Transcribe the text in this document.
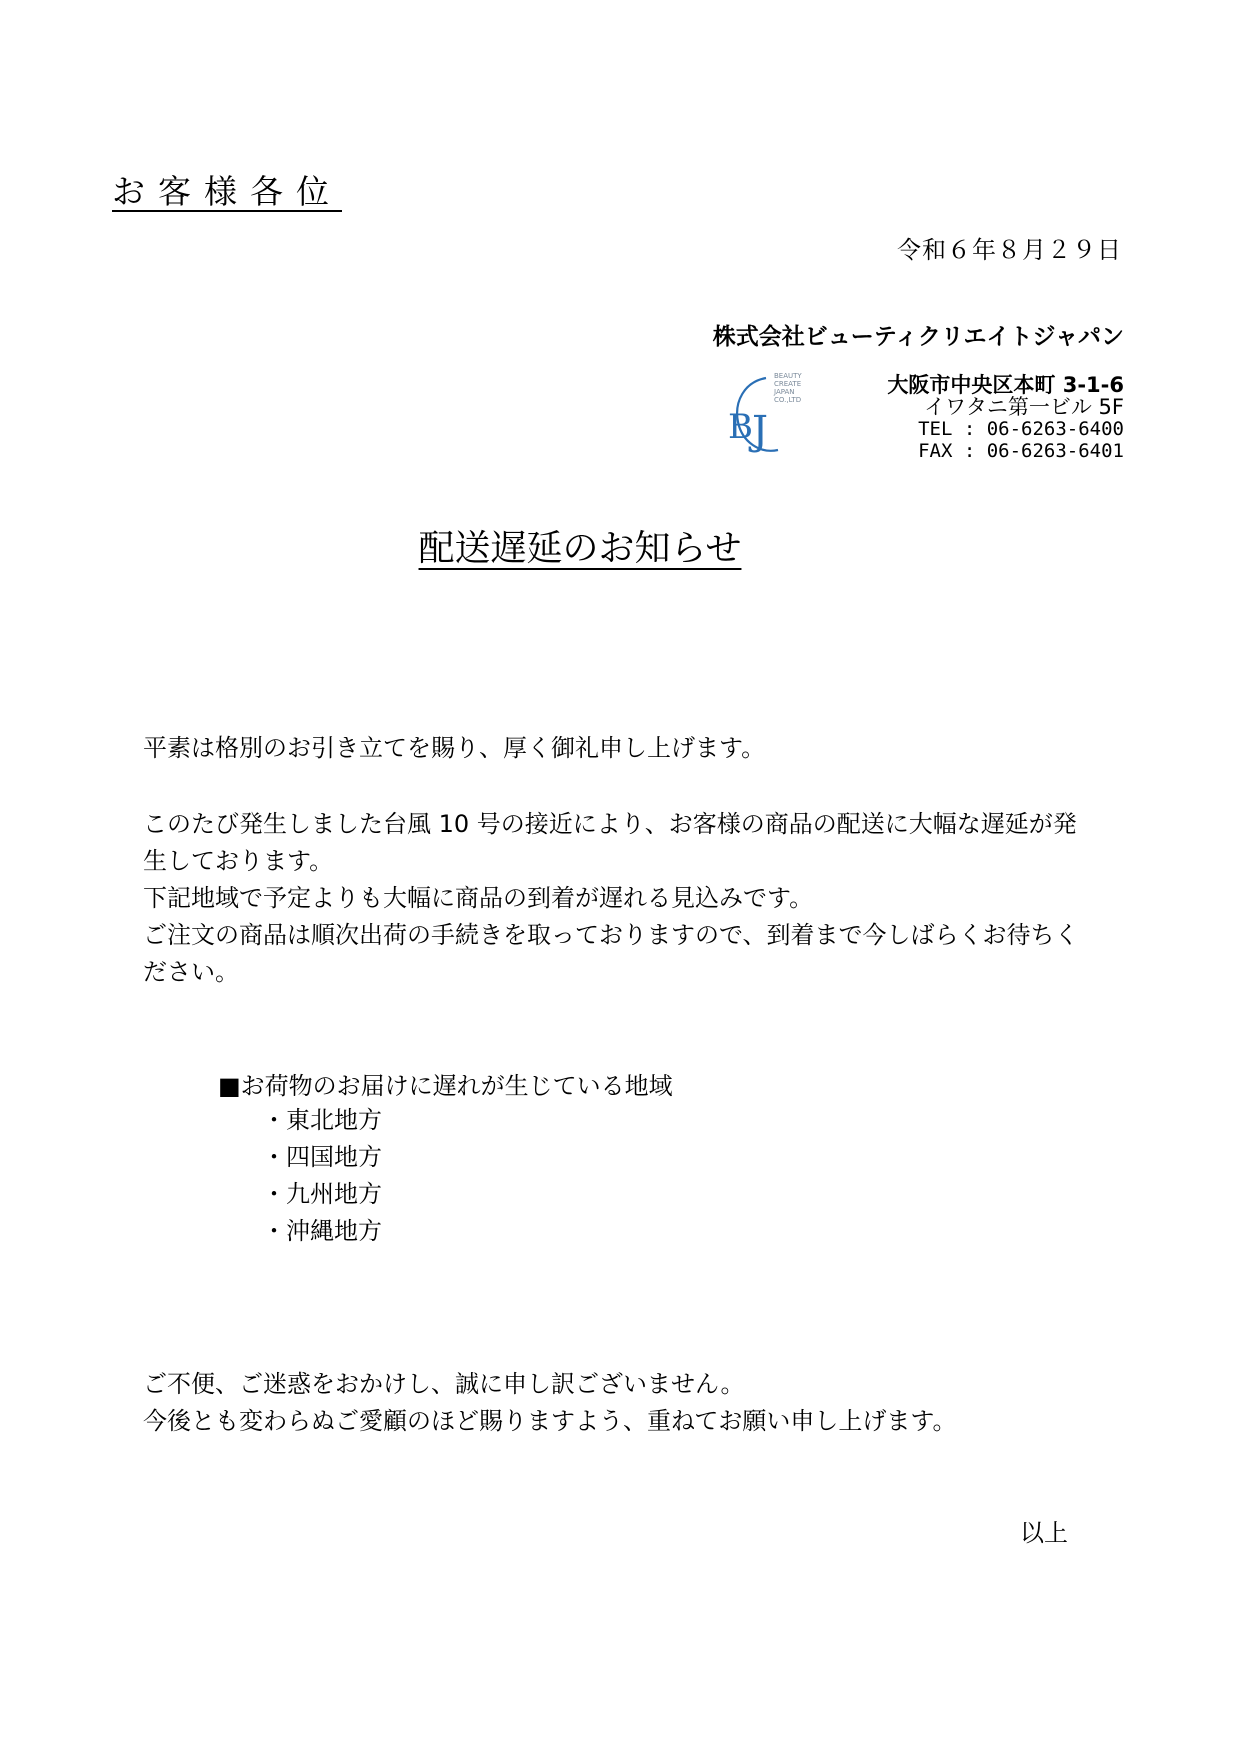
お客様各位
令和６年８月２９日
株式会社ビューティクリエイトジャパン
B J
BEAUTY
CREATE
JAPAN
CO.,LTD
大阪市中央区本町 3-1-6
イワタニ第一ビル 5F
TEL : 06-6263-6400
FAX : 06-6263-6401
配送遅延のお知らせ
平素は格別のお引き立てを賜り、厚く御礼申し上げます。
このたび発生しました台風 10 号の接近により、お客様の商品の配送に大幅な遅延が発
生しております。
下記地域で予定よりも大幅に商品の到着が遅れる見込みです。
ご注文の商品は順次出荷の手続きを取っておりますので、到着まで今しばらくお待ちく
ださい。
■お荷物のお届けに遅れが生じている地域
・ 東北地方
・ 四国地方
・ 九州地方
・ 沖縄地方
ご不便、ご迷惑をおかけし、誠に申し訳ございません。
今後とも変わらぬご愛顧のほど賜りますよう、重ねてお願い申し上げます。
以上
